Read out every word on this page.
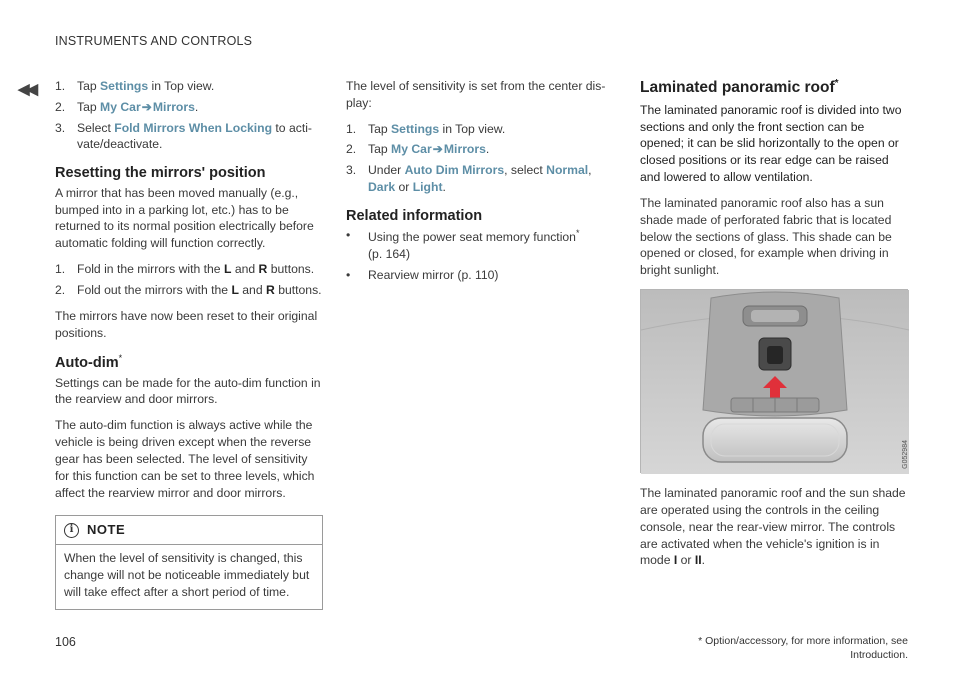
INSTRUMENTS AND CONTROLS
◀◀ 1. Tap Settings in Top view.
2. Tap My Car➔Mirrors.
3. Select Fold Mirrors When Locking to acti-vate/deactivate.
Resetting the mirrors' position

A mirror that has been moved manually (e.g., bumped into in a parking lot, etc.) has to be returned to its normal position electrically before automatic folding will function correctly.

1. Fold in the mirrors with the L and R buttons.
2. Fold out the mirrors with the L and R buttons.

The mirrors have now been reset to their original positions.

Auto-dim*

Settings can be made for the auto-dim function in the rearview and door mirrors.

The auto-dim function is always active while the vehicle is being driven except when the reverse gear has been selected. The level of sensitivity for this function can be set to three levels, which affect the rearview mirror and door mirrors.

i	NOTE
When the level of sensitivity is changed, this change will not be noticeable immediately but will take effect after a short period of time.

The level of sensitivity is set from the center dis-play:

1. Tap Settings in Top view.
2. Tap My Car➔Mirrors.
3. Under Auto Dim Mirrors, select Normal, Dark or Light.
Related information
•	Using the power seat memory function*
(p. 164)
•	Rearview mirror (p. 110)
Laminated panoramic roof*

The laminated panoramic roof is divided into two sections and only the front section can be opened; it can be slid horizontally to the open or closed positions or its rear edge can be raised and lowered to allow ventilation.

The laminated panoramic roof also has a sun shade made of perforated fabric that is located below the sections of glass. This shade can be opened or closed, for example when driving in bright sunlight.

G052984

The laminated panoramic roof and the sun shade are operated using the controls in the ceiling console, near the rear-view mirror. The controls are activated when the vehicle's ignition is in mode I or II.

106	* Option/accessory, for more information, see Introduction.
